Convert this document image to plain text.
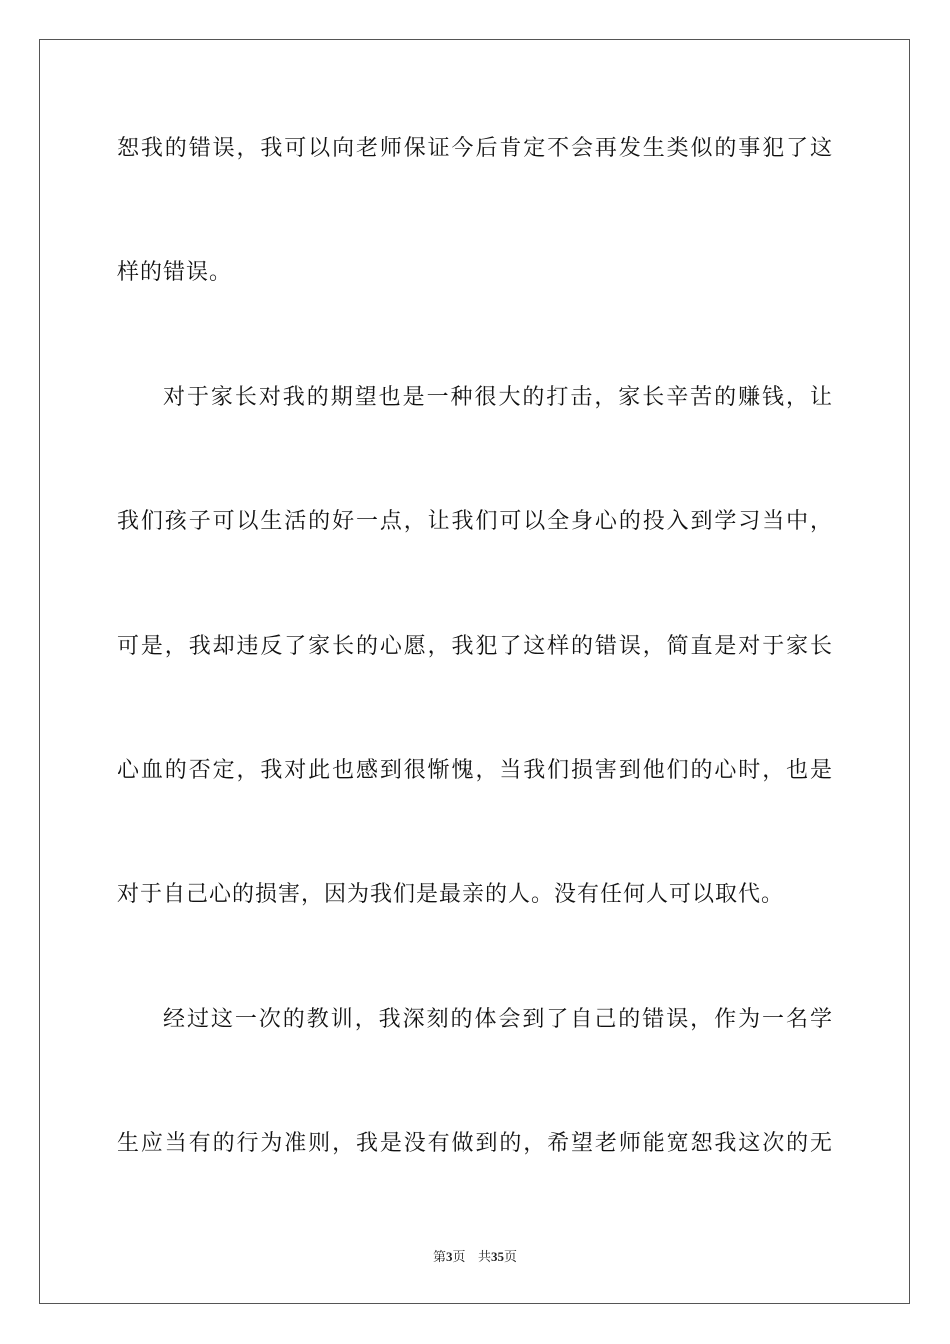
恕我的错误，我可以向老师保证今后肯定不会再发生类似的事犯了这
样的错误。
对于家长对我的期望也是一种很大的打击，家长辛苦的赚钱，让
我们孩子可以生活的好一点，让我们可以全身心的投入到学习当中，
可是，我却违反了家长的心愿，我犯了这样的错误，简直是对于家长
心血的否定，我对此也感到很惭愧，当我们损害到他们的心时，也是
对于自己心的损害，因为我们是最亲的人。没有任何人可以取代。
经过这一次的教训，我深刻的体会到了自己的错误，作为一名学
生应当有的行为准则，我是没有做到的，希望老师能宽恕我这次的无
第3页 共35页
